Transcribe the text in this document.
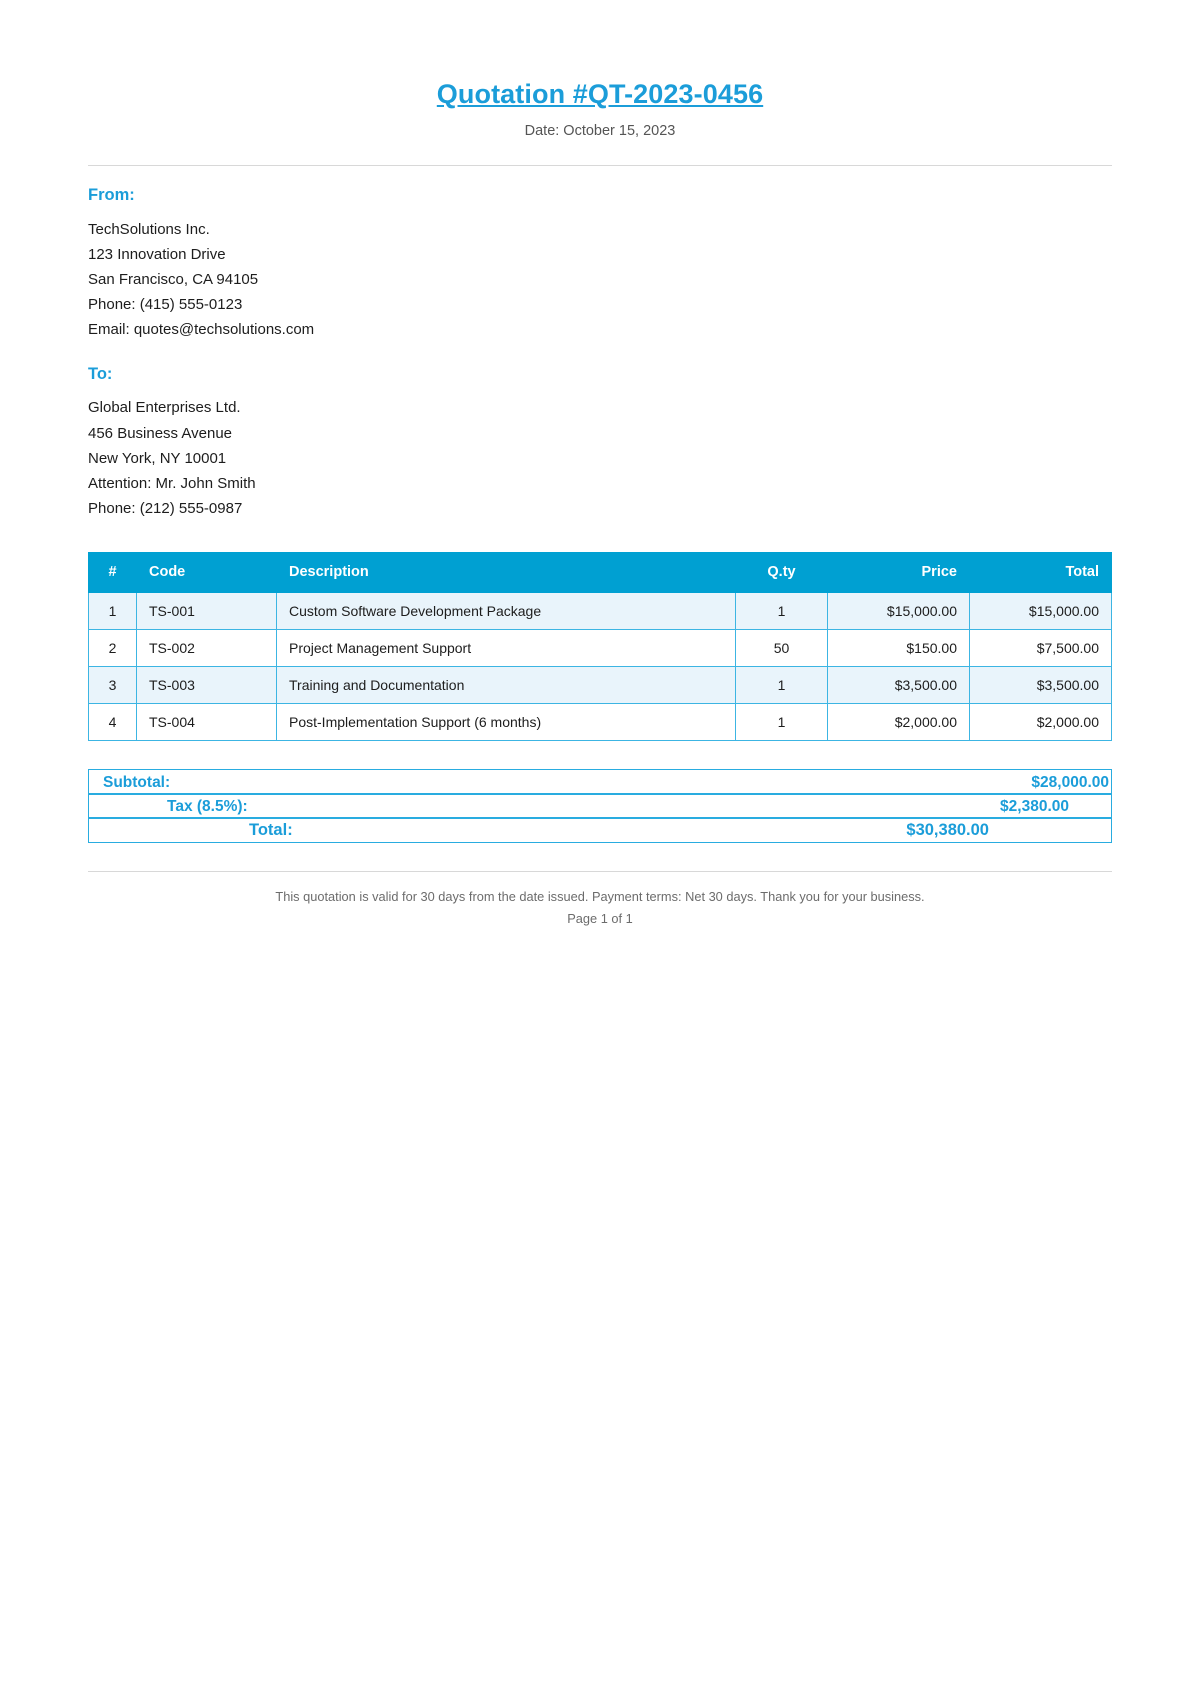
Quotation #QT-2023-0456
Date: October 15, 2023
From:
TechSolutions Inc.
123 Innovation Drive
San Francisco, CA 94105
Phone: (415) 555-0123
Email: quotes@techsolutions.com
To:
Global Enterprises Ltd.
456 Business Avenue
New York, NY 10001
Attention: Mr. John Smith
Phone: (212) 555-0987
#	Code	Description	Q.ty	Price	Total
1	TS-001	Custom Software Development Package	1	$15,000.00	$15,000.00
2	TS-002	Project Management Support	50	$150.00	$7,500.00
3	TS-003	Training and Documentation	1	$3,500.00	$3,500.00
4	TS-004	Post-Implementation Support (6 months)	1	$2,000.00	$2,000.00
Subtotal:	$28,000.00
Tax (8.5%):	$2,380.00
Total:	$30,380.00
This quotation is valid for 30 days from the date issued. Payment terms: Net 30 days. Thank you for your business.
Page 1 of 1
